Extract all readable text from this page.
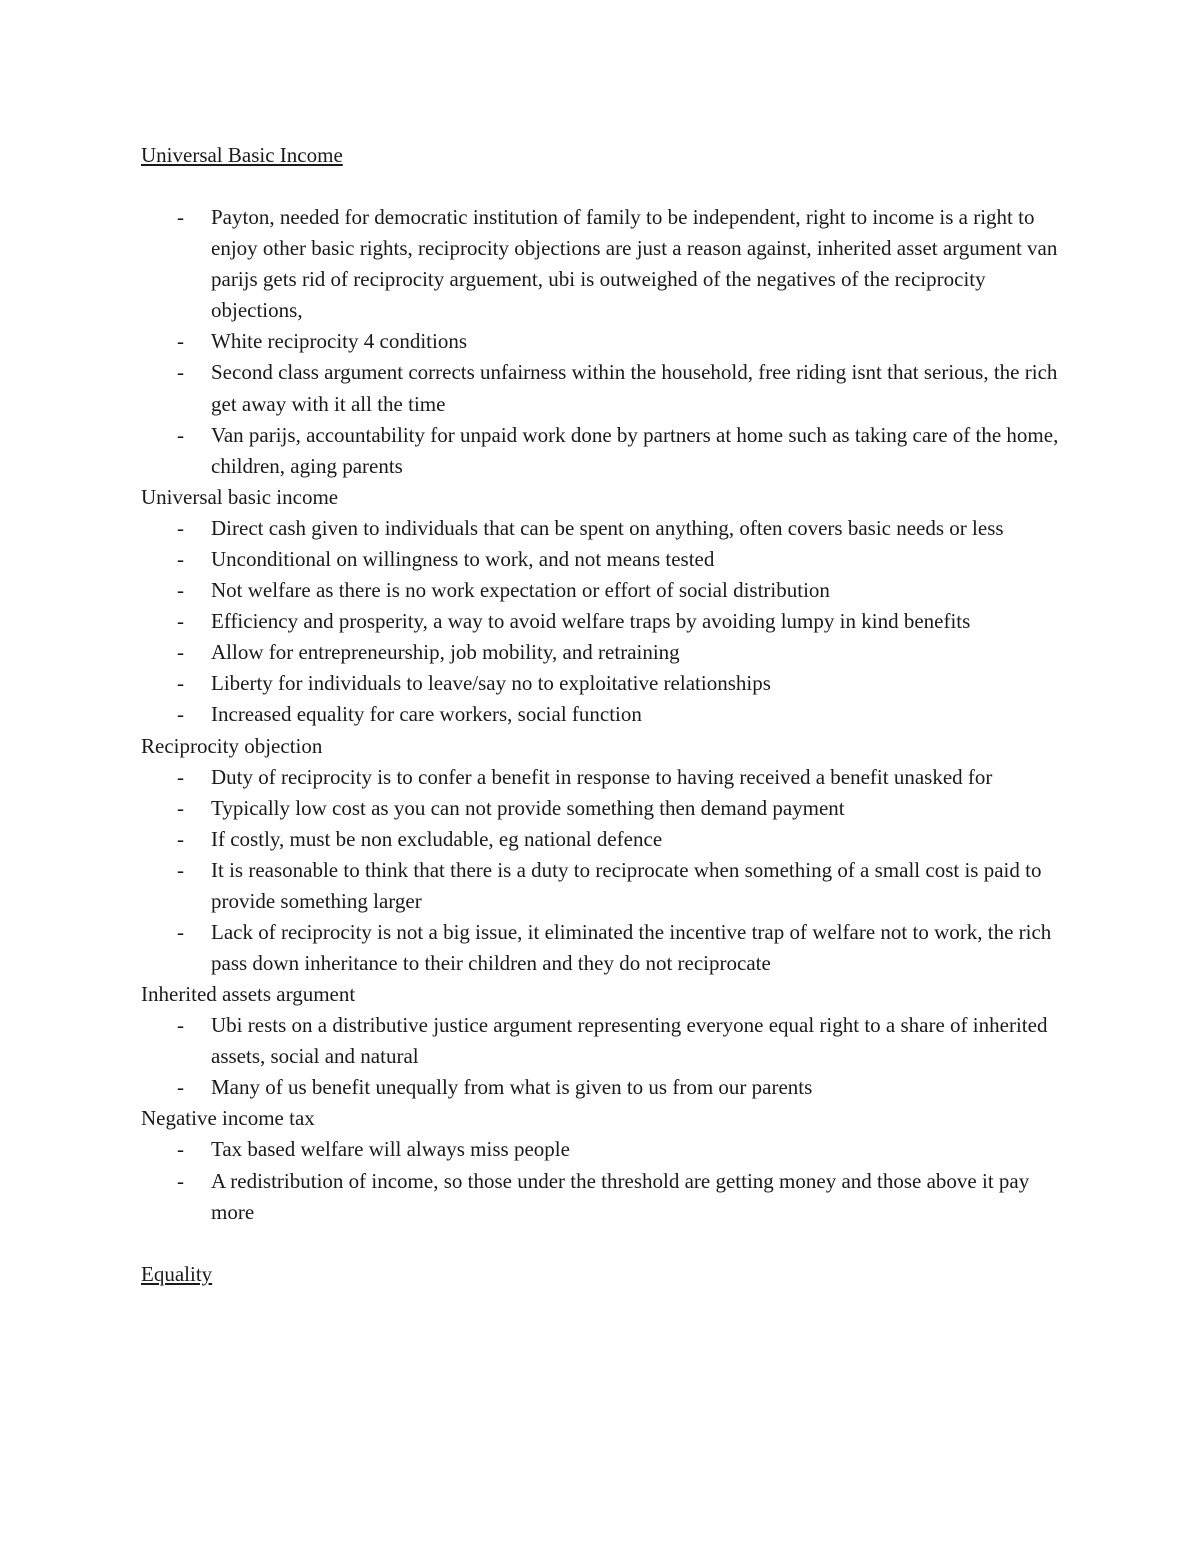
Universal Basic Income
- Payton, needed for democratic institution of family to be independent, right to income is a right to enjoy other basic rights, reciprocity objections are just a reason against, inherited asset argument van parijs gets rid of reciprocity arguement, ubi is outweighed of the negatives of the reciprocity objections,
- White reciprocity 4 conditions
- Second class argument corrects unfairness within the household, free riding isnt that serious, the rich get away with it all the time
- Van parijs, accountability for unpaid work done by partners at home such as taking care of the home, children, aging parents

Universal basic income

- Direct cash given to individuals that can be spent on anything, often covers basic needs or less
- Unconditional on willingness to work, and not means tested
- Not welfare as there is no work expectation or effort of social distribution
- Efficiency and prosperity, a way to avoid welfare traps by avoiding lumpy in kind benefits
- Allow for entrepreneurship, job mobility, and retraining
- Liberty for individuals to leave/say no to exploitative relationships
- Increased equality for care workers, social function

Reciprocity objection

- Duty of reciprocity is to confer a benefit in response to having received a benefit unasked for
- Typically low cost as you can not provide something then demand payment
- If costly, must be non excludable, eg national defence
- It is reasonable to think that there is a duty to reciprocate when something of a small cost is paid to provide something larger
- Lack of reciprocity is not a big issue, it eliminated the incentive trap of welfare not to work, the rich pass down inheritance to their children and they do not reciprocate

Inherited assets argument

- Ubi rests on a distributive justice argument representing everyone equal right to a share of inherited assets, social and natural
- Many of us benefit unequally from what is given to us from our parents

Negative income tax

- Tax based welfare will always miss people
- A redistribution of income, so those under the threshold are getting money and those above it pay more
Equality
